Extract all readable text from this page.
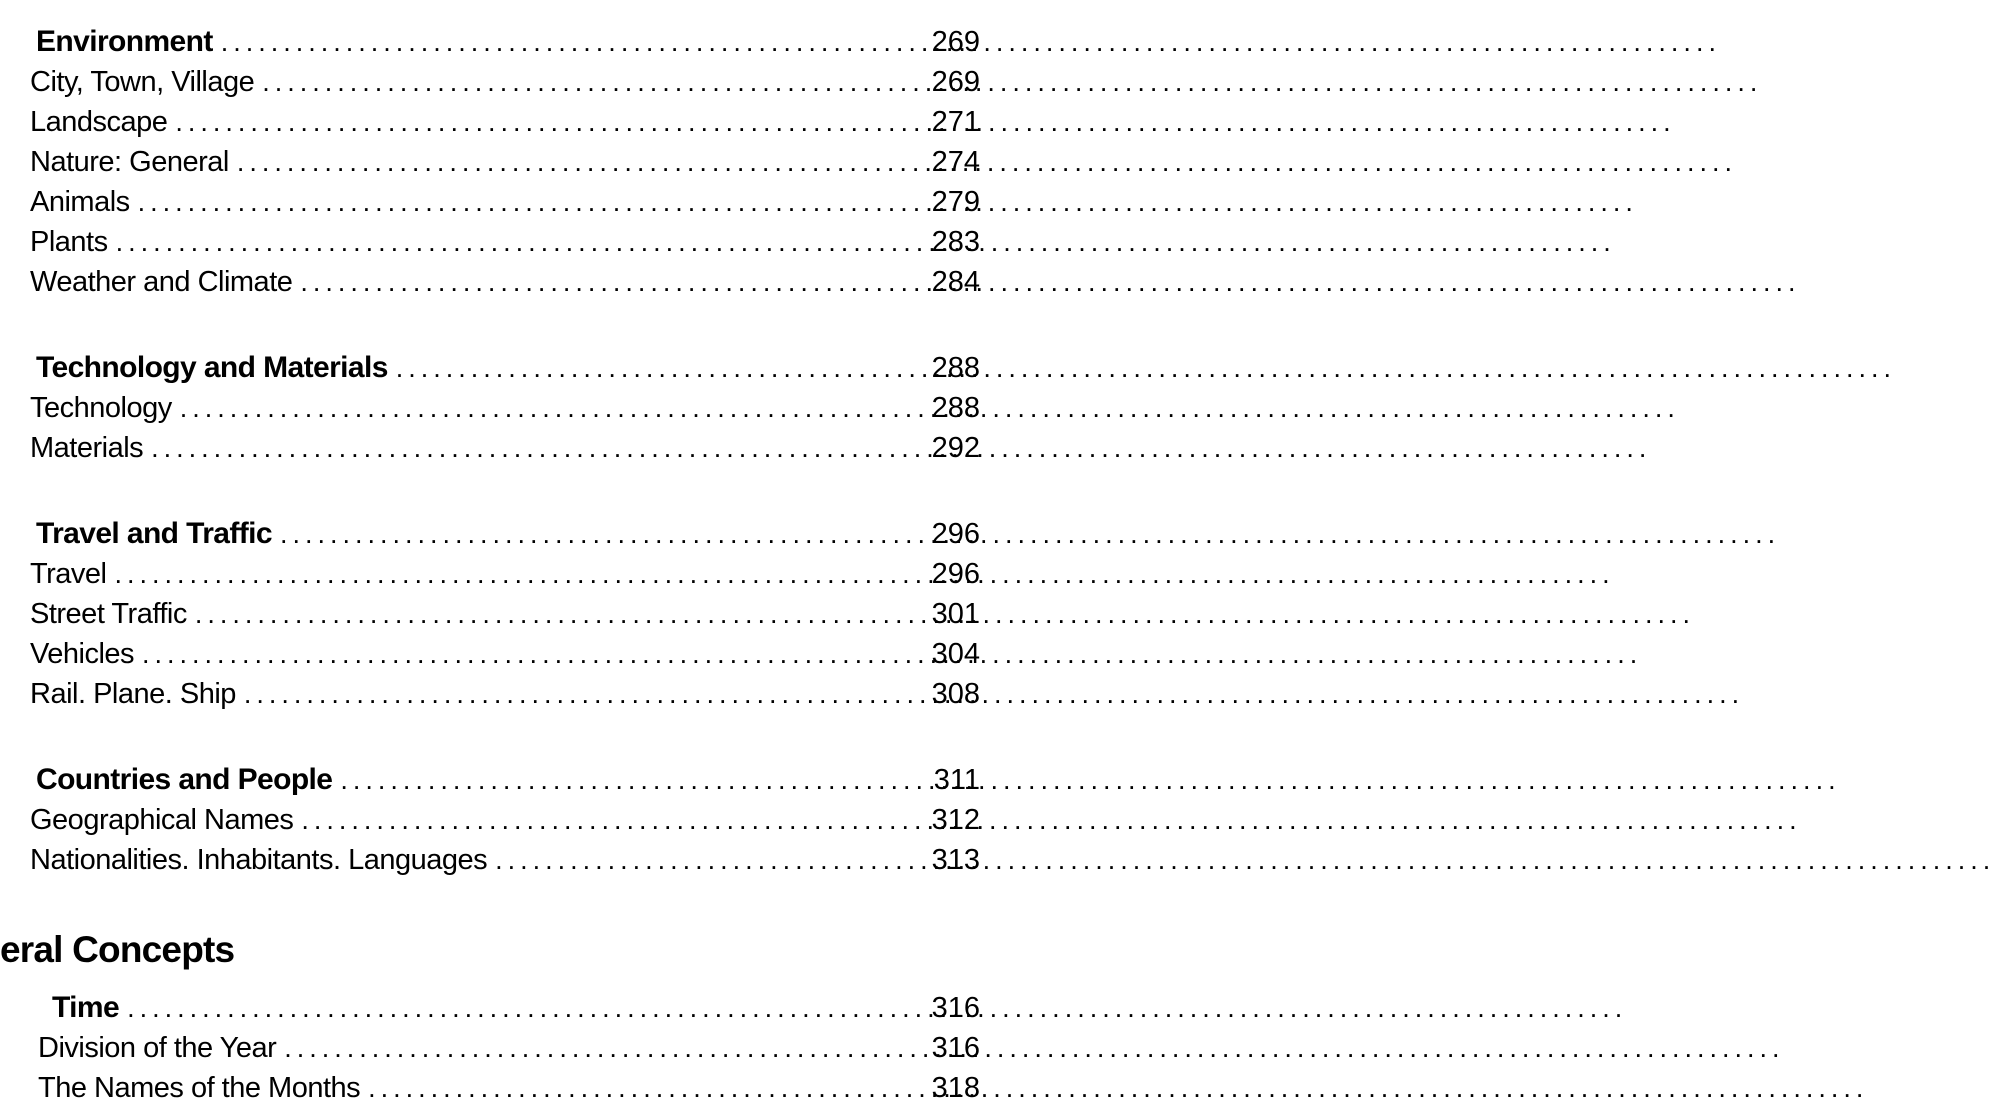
Environment .....	269
City, Town, Village .....	269
Landscape .....	271
Nature: General .....	274
Animals .....	279
Plants .....	283
Weather and Climate .....	284
Technology and Materials .....	288
Technology .....	288
Materials .....	292
Travel and Traffic .....	296
Travel .....	296
Street Traffic .....	301
Vehicles .....	304
Rail. Plane. Ship .....	308
Countries and People .....	311
Geographical Names .....	312
Nationalities. Inhabitants. Languages .....	313
eral Concepts
Time .....	316
Division of the Year .....	316
The Names of the Months .....	318
